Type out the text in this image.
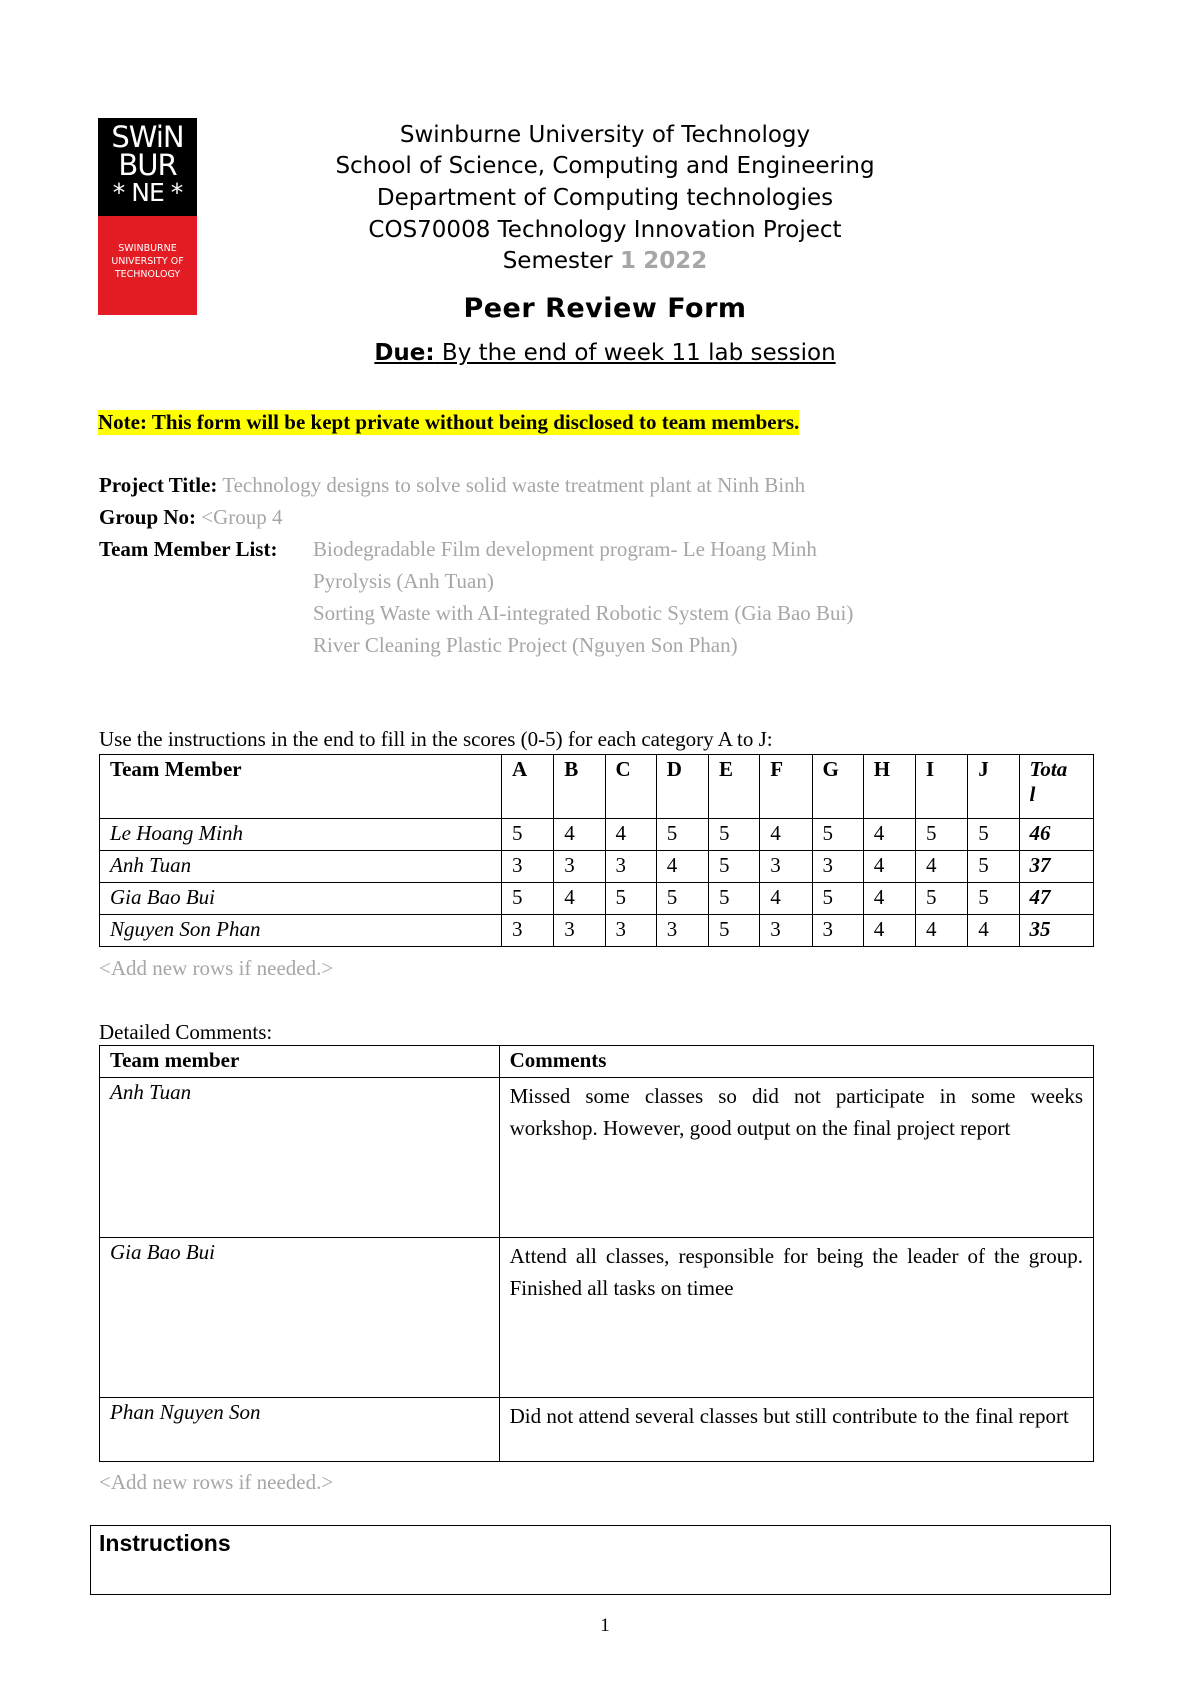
SWiN
BUR
* NE *
SWINBURNE
UNIVERSITY OF
TECHNOLOGY
Swinburne University of Technology
School of Science, Computing and Engineering
Department of Computing technologies
COS70008 Technology Innovation Project
Semester 1 2022
Peer Review Form
Due: By the end of week 11 lab session
Note: This form will be kept private without being disclosed to team members.
Project Title: Technology designs to solve solid waste treatment plant at Ninh Binh
Group No: <Group 4
Team Member List: Biodegradable Film development program- Le Hoang Minh
Pyrolysis (Anh Tuan)
Sorting Waste with AI-integrated Robotic System (Gia Bao Bui)
River Cleaning Plastic Project (Nguyen Son Phan)
Use the instructions in the end to fill in the scores (0-5) for each category A to J:
Team Member	A	B	C	D	E	F	G	H	I	J	Tota
l
Le Hoang Minh	5	4	4	5	5	4	5	4	5	5	46
Anh Tuan	3	3	3	4	5	3	3	4	4	5	37
Gia Bao Bui	5	4	5	5	5	4	5	4	5	5	47
Nguyen Son Phan	3	3	3	3	5	3	3	4	4	4	35
<Add new rows if needed.>
Detailed Comments:
Team member	Comments
Anh Tuan	Missed some classes so did not participate in some weeks workshop. However, good output on the final project report
Gia Bao Bui	Attend all classes, responsible for being the leader of the group. Finished all tasks on timee
Phan Nguyen Son	Did not attend several classes but still contribute to the final report
<Add new rows if needed.>
Instructions
1
